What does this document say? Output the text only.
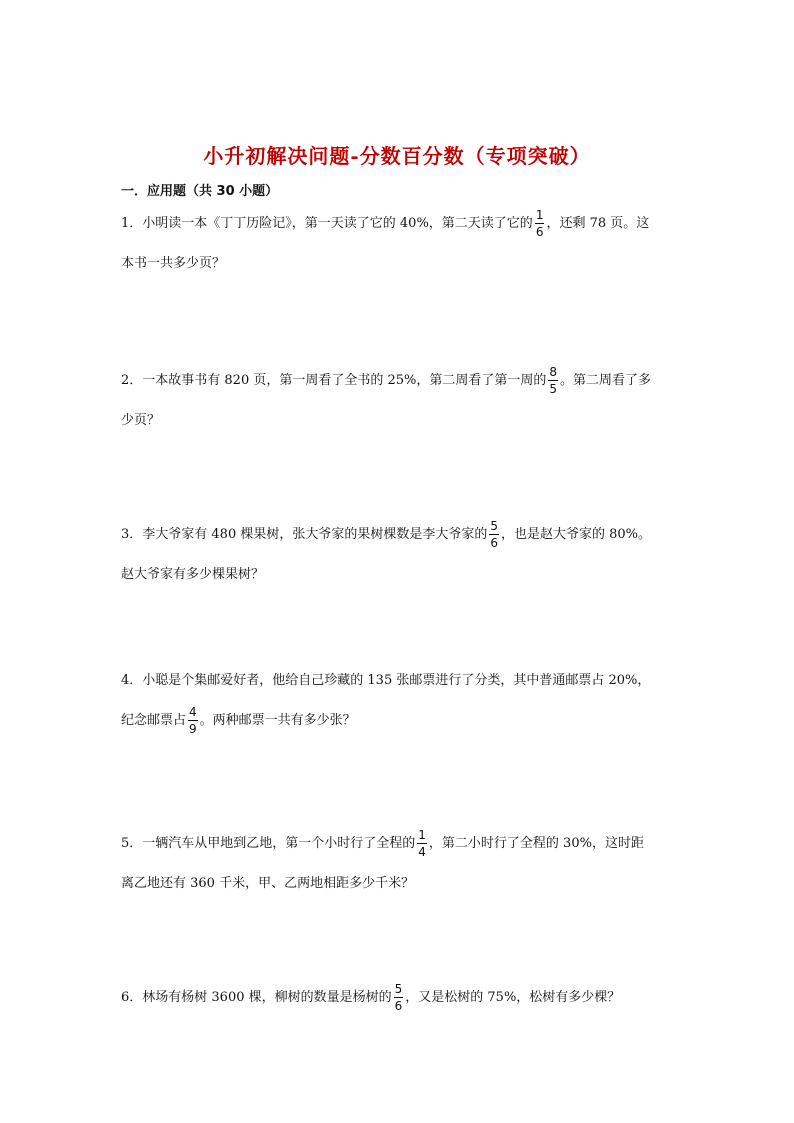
小升初解决问题-分数百分数（专项突破）
一．应用题（共 30 小题）
1．小明读一本《丁丁历险记》，第一天读了它的 40%，第二天读了它的 $\frac{1}{6}$ ，还剩 78 页。这
本书一共多少页？
2．一本故事书有 820 页，第一周看了全书的 25%，第二周看了第一周的 $\frac{8}{5}$ 。第二周看了多
少页？
3．李大爷家有 480 棵果树，张大爷家的果树棵数是李大爷家的 $\frac{5}{6}$ ，也是赵大爷家的 80%。
赵大爷家有多少棵果树？
4．小聪是个集邮爱好者，他给自己珍藏的 135 张邮票进行了分类，其中普通邮票占 20%，
纪念邮票占 $\frac{4}{9}$ 。两种邮票一共有多少张？
5．一辆汽车从甲地到乙地，第一个小时行了全程的 $\frac{1}{4}$ ，第二小时行了全程的 30%，这时距
离乙地还有 360 千米，甲、乙两地相距多少千米？
6．林场有杨树 3600 棵，柳树的数量是杨树的 $\frac{5}{6}$ ，又是松树的 75%，松树有多少棵？
